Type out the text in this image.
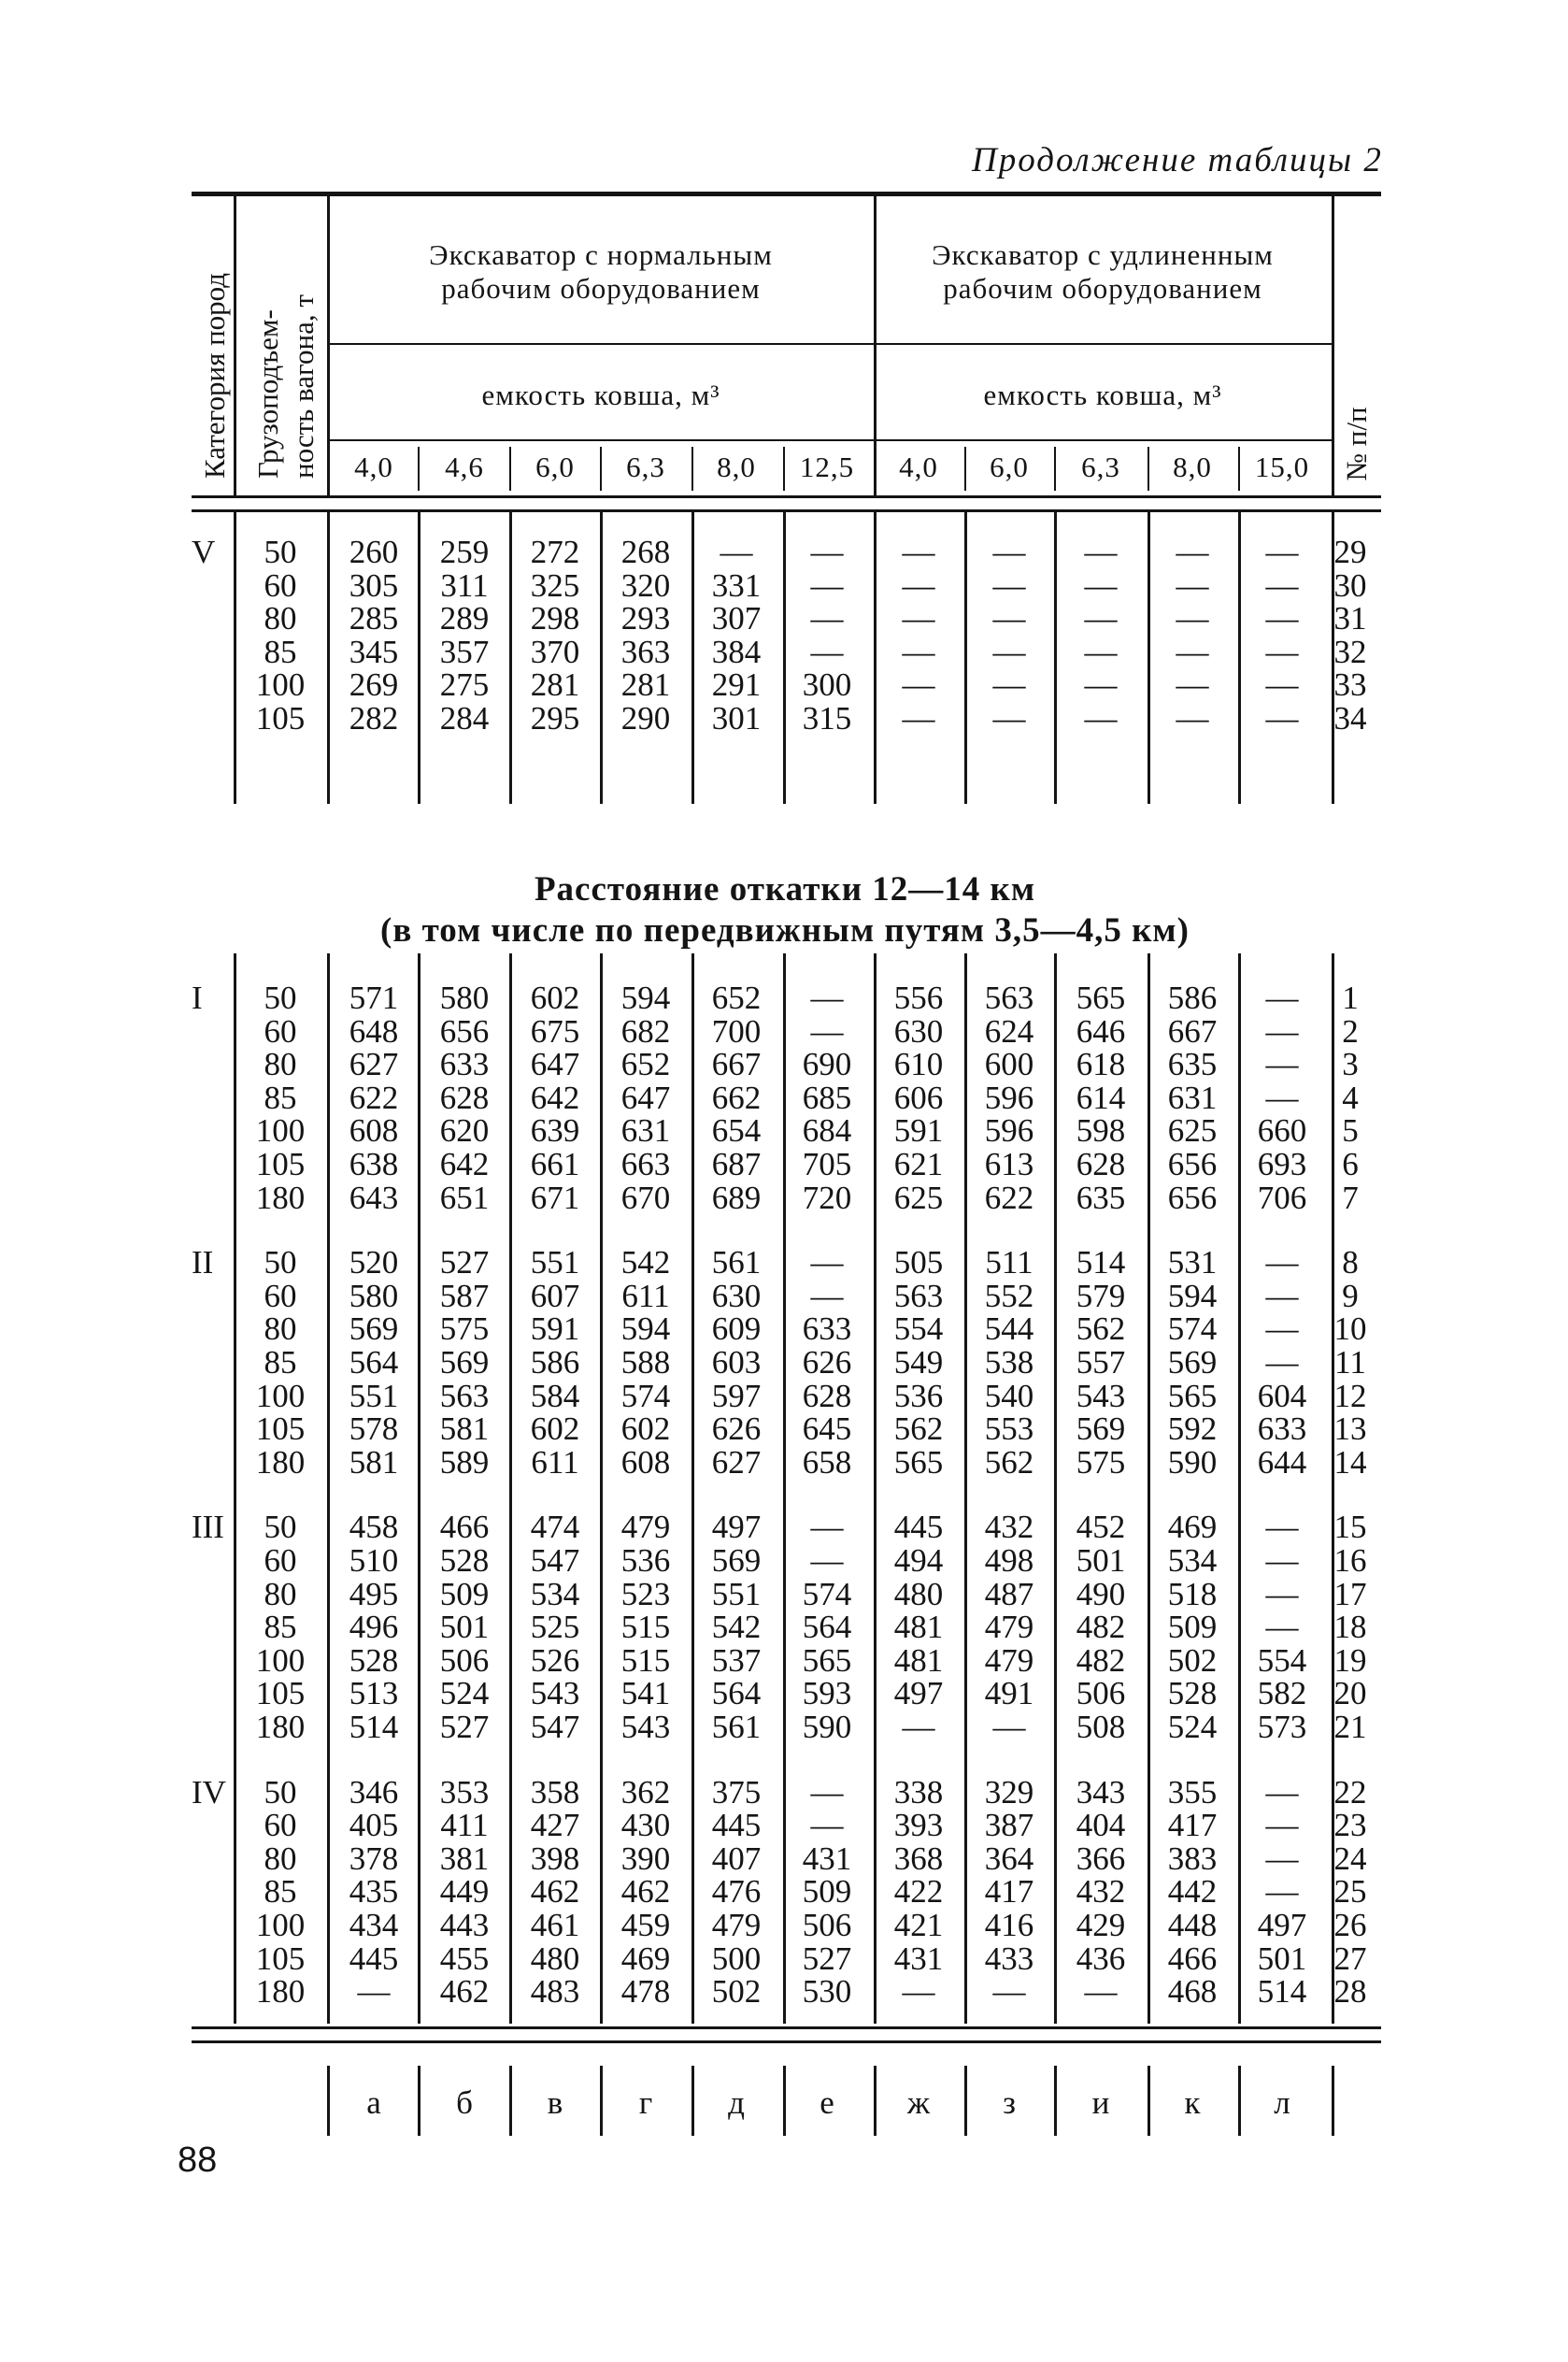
Продолжение таблицы 2
Категория пород Грузоподъем-
ность вагона, т
№ п/п
Экскаватор с нормальным
рабочим оборудованием
Экскаватор с удлиненным
рабочим оборудованием
емкость ковша, м³	емкость ковша, м³
4,0 4,6 6,0 6,3 8,0 12,5 4,0 6,0 6,3 8,0 15,0
V 50 260 259 272 268 — — — — — — — 29
60 305 311 325 320 331 — — — — — — 30
80 285 289 298 293 307 — — — — — — 31
85 345 357 370 363 384 — — — — — — 32
100 269 275 281 281 291 300 — — — — — 33
105 282 284 295 290 301 315 — — — — — 34
Расстояние откатки 12—14 км
(в том числе по передвижным путям 3,5—4,5 км)
I 50 571 580 602 594 652 — 556 563 565 586 — 1
60 648 656 675 682 700 — 630 624 646 667 — 2
80 627 633 647 652 667 690 610 600 618 635 — 3
85 622 628 642 647 662 685 606 596 614 631 — 4
100 608 620 639 631 654 684 591 596 598 625 660 5
105 638 642 661 663 687 705 621 613 628 656 693 6
180 643 651 671 670 689 720 625 622 635 656 706 7
II 50 520 527 551 542 561 — 505 511 514 531 — 8
60 580 587 607 611 630 — 563 552 579 594 — 9
80 569 575 591 594 609 633 554 544 562 574 — 10
85 564 569 586 588 603 626 549 538 557 569 — 11
100 551 563 584 574 597 628 536 540 543 565 604 12
105 578 581 602 602 626 645 562 553 569 592 633 13
180 581 589 611 608 627 658 565 562 575 590 644 14
III 50 458 466 474 479 497 — 445 432 452 469 — 15
60 510 528 547 536 569 — 494 498 501 534 — 16
80 495 509 534 523 551 574 480 487 490 518 — 17
85 496 501 525 515 542 564 481 479 482 509 — 18
100 528 506 526 515 537 565 481 479 482 502 554 19
105 513 524 543 541 564 593 497 491 506 528 582 20
180 514 527 547 543 561 590 — — 508 524 573 21
IV 50 346 353 358 362 375 — 338 329 343 355 — 22
60 405 411 427 430 445 — 393 387 404 417 — 23
80 378 381 398 390 407 431 368 364 366 383 — 24
85 435 449 462 462 476 509 422 417 432 442 — 25
100 434 443 461 459 479 506 421 416 429 448 497 26
105 445 455 480 469 500 527 431 433 436 466 501 27
180 — 462 483 478 502 530 — — — 468 514 28
а б в г д е ж з и к л
88
